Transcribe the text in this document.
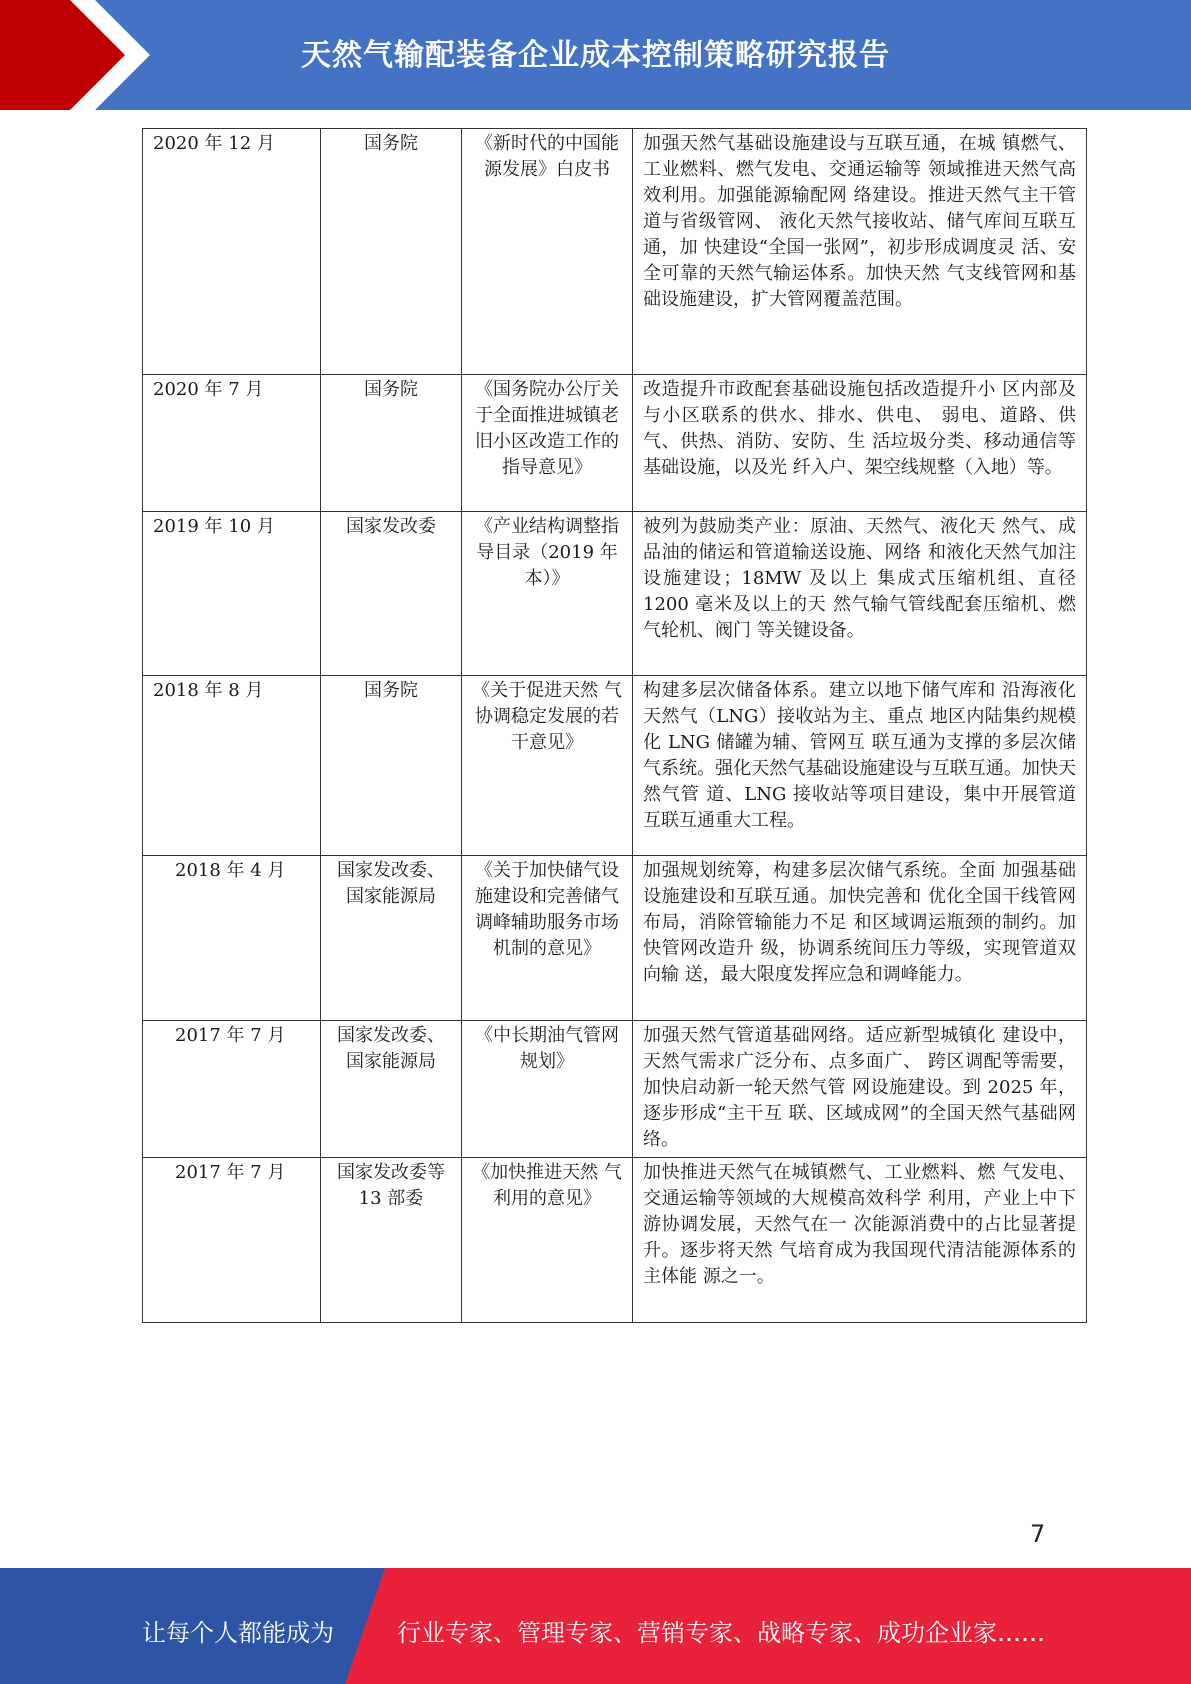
天然气输配装备企业成本控制策略研究报告
2020 年 12 月	国务院	《新时代的中国能源发展》白皮书	加强天然气基础设施建设与互联互通，在城 镇燃气、工业燃料、燃气发电、交通运输等 领域推进天然气高效利用。加强能源输配网 络建设。推进天然气主干管道与省级管网、 液化天然气接收站、储气库间互联互通，加 快建设“全国一张网”，初步形成调度灵 活、安全可靠的天然气输运体系。加快天然 气支线管网和基础设施建设，扩大管网覆盖范围。
2020 年 7 月	国务院	《国务院办公厅关于全面推进城镇老旧小区改造工作的指导意见》	改造提升市政配套基础设施包括改造提升小 区内部及与小区联系的供水、排水、供电、 弱电、道路、供气、供热、消防、安防、生 活垃圾分类、移动通信等基础设施，以及光 纤入户、架空线规整（入地）等。
2019 年 10 月	国家发改委	《产业结构调整指导目录（2019 年本）》	被列为鼓励类产业：原油、天然气、液化天 然气、成品油的储运和管道输送设施、网络 和液化天然气加注设施建设；18MW 及以上 集成式压缩机组、直径 1200 毫米及以上的天 然气输气管线配套压缩机、燃气轮机、阀门 等关键设备。
2018 年 8 月	国务院	《关于促进天然 气协调稳定发展的若干意见》	构建多层次储备体系。建立以地下储气库和 沿海液化天然气（LNG）接收站为主、重点 地区内陆集约规模化 LNG 储罐为辅、管网互 联互通为支撑的多层次储气系统。强化天然气基础设施建设与互联互通。加快天然气管 道、LNG 接收站等项目建设，集中开展管道 互联互通重大工程。
2018 年 4 月	国家发改委、国家能源局	《关于加快储气设施建设和完善储气调峰辅助服务市场机制的意见》	加强规划统筹，构建多层次储气系统。全面 加强基础设施建设和互联互通。加快完善和 优化全国干线管网布局，消除管输能力不足 和区域调运瓶颈的制约。加快管网改造升 级，协调系统间压力等级，实现管道双向输 送，最大限度发挥应急和调峰能力。
2017 年 7 月	国家发改委、国家能源局	《中长期油气管网规划》	加强天然气管道基础网络。适应新型城镇化 建设中，天然气需求广泛分布、点多面广、 跨区调配等需要，加快启动新一轮天然气管 网设施建设。到 2025 年，逐步形成“主干互 联、区域成网”的全国天然气基础网络。
2017 年 7 月	国家发改委等 13 部委	《加快推进天然 气利用的意见》	加快推进天然气在城镇燃气、工业燃料、燃 气发电、交通运输等领域的大规模高效科学 利用，产业上中下游协调发展，天然气在一 次能源消费中的占比显著提升。逐步将天然 气培育成为我国现代清洁能源体系的主体能 源之一。
7
让每个人都能成为	行业专家、管理专家、营销专家、战略专家、成功企业家……
